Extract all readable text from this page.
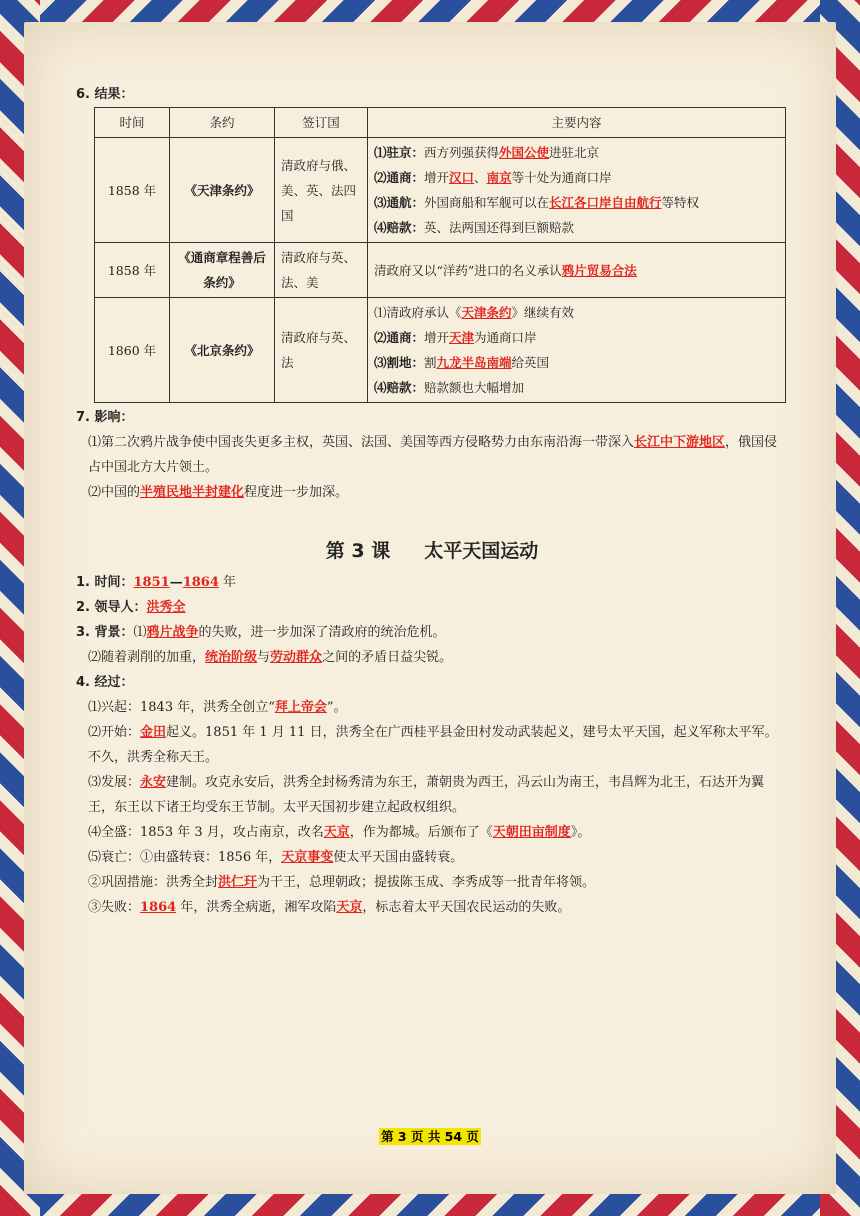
6. 结果：
时间	条约	签订国	主要内容
1858 年	《天津条约》	清政府与俄、美、英、法四国	⑴驻京：西方列强获得外国公使进驻北京
⑵通商：增开汉口、南京等十处为通商口岸
⑶通航：外国商船和军舰可以在长江各口岸自由航行等特权
⑷赔款：英、法两国还得到巨额赔款

1858 年	《通商章程善后条约》	清政府与英、法、美	清政府又以“洋药”进口的名义承认鸦片贸易合法

1860 年	《北京条约》	清政府与英、法	⑴清政府承认《天津条约》继续有效
⑵通商：增开天津为通商口岸
⑶割地：割九龙半岛南端给英国
⑷赔款：赔款额也大幅增加
7. 影响：
⑴第二次鸦片战争使中国丧失更多主权，英国、法国、美国等西方侵略势力由东南沿海一带深入长江中下游地区，俄国侵占中国北方大片领土。
⑵中国的半殖民地半封建化程度进一步加深。
第 3 课 太平天国运动
1. 时间：1851—1864 年
2. 领导人：洪秀全
3. 背景：⑴鸦片战争的失败，进一步加深了清政府的统治危机。
⑵随着剥削的加重，统治阶级与劳动群众之间的矛盾日益尖锐。
4. 经过：
⑴兴起：1843 年，洪秀全创立“拜上帝会”。
⑵开始：金田起义。1851 年 1 月 11 日，洪秀全在广西桂平县金田村发动武装起义，建号太平天国，起义军称太平军。不久，洪秀全称天王。
⑶发展：永安建制。攻克永安后，洪秀全封杨秀清为东王，萧朝贵为西王，冯云山为南王，韦昌辉为北王，石达开为翼王，东王以下诸王均受东王节制。太平天国初步建立起政权组织。
⑷全盛：1853 年 3 月，攻占南京，改名天京，作为都城。后颁布了《天朝田亩制度》。
⑸衰亡：①由盛转衰：1856 年，天京事变使太平天国由盛转衰。
②巩固措施：洪秀全封洪仁玕为干王，总理朝政；提拔陈玉成、李秀成等一批青年将领。
③失败：1864 年，洪秀全病逝，湘军攻陷天京，标志着太平天国农民运动的失败。
第 3 页 共 54 页
